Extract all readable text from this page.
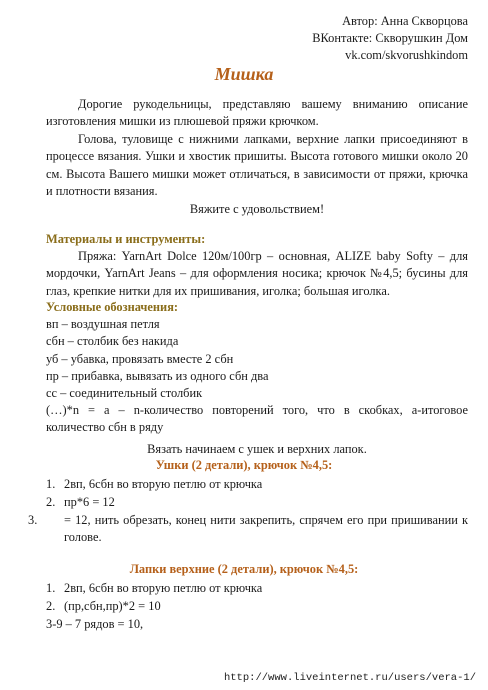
Автор: Анна Скворцова
ВКонтакте: Скворушкин Дом
vk.com/skvorushkindom
Мишка
Дорогие рукодельницы, представляю вашему вниманию описание изготовления мишки из плюшевой пряжи крючком.
Голова, туловище с нижними лапками, верхние лапки присоединяют в процессе вязания. Ушки и хвостик пришиты. Высота готового мишки около 20 см. Высота Вашего мишки может отличаться, в зависимости от пряжи, крючка и плотности вязания.
Вяжите с удовольствием!
Материалы и инструменты:
Пряжа: YarnArt Dolce 120м/100гр – основная, ALIZE baby Softy – для мордочки, YarnArt Jeans – для оформления носика; крючок №4,5; бусины для глаз, крепкие нитки для их пришивания, иголка; большая иголка.
Условные обозначения:
вп – воздушная петля
сбн – столбик без накида
уб – убавка, провязать вместе 2 сбн
пр – прибавка, вывязать из одного сбн два
сс – соединительный столбик
(…)*n = а – n-количество повторений того, что в скобках, а-итоговое количество сбн в ряду
Вязать начинаем с ушек и верхних лапок.
Ушки (2 детали), крючок №4,5:
1. 2вп, 6сбн во вторую петлю от крючка
2. пр*6 = 12
3. = 12, нить обрезать, конец нити закрепить, спрячем его при пришивании к голове.
Лапки верхние (2 детали), крючок №4,5:
1. 2вп, 6сбн во вторую петлю от крючка
2. (пр,сбн,пр)*2 = 10
3-9 – 7 рядов = 10,
http://www.liveinternet.ru/users/vera-1/
